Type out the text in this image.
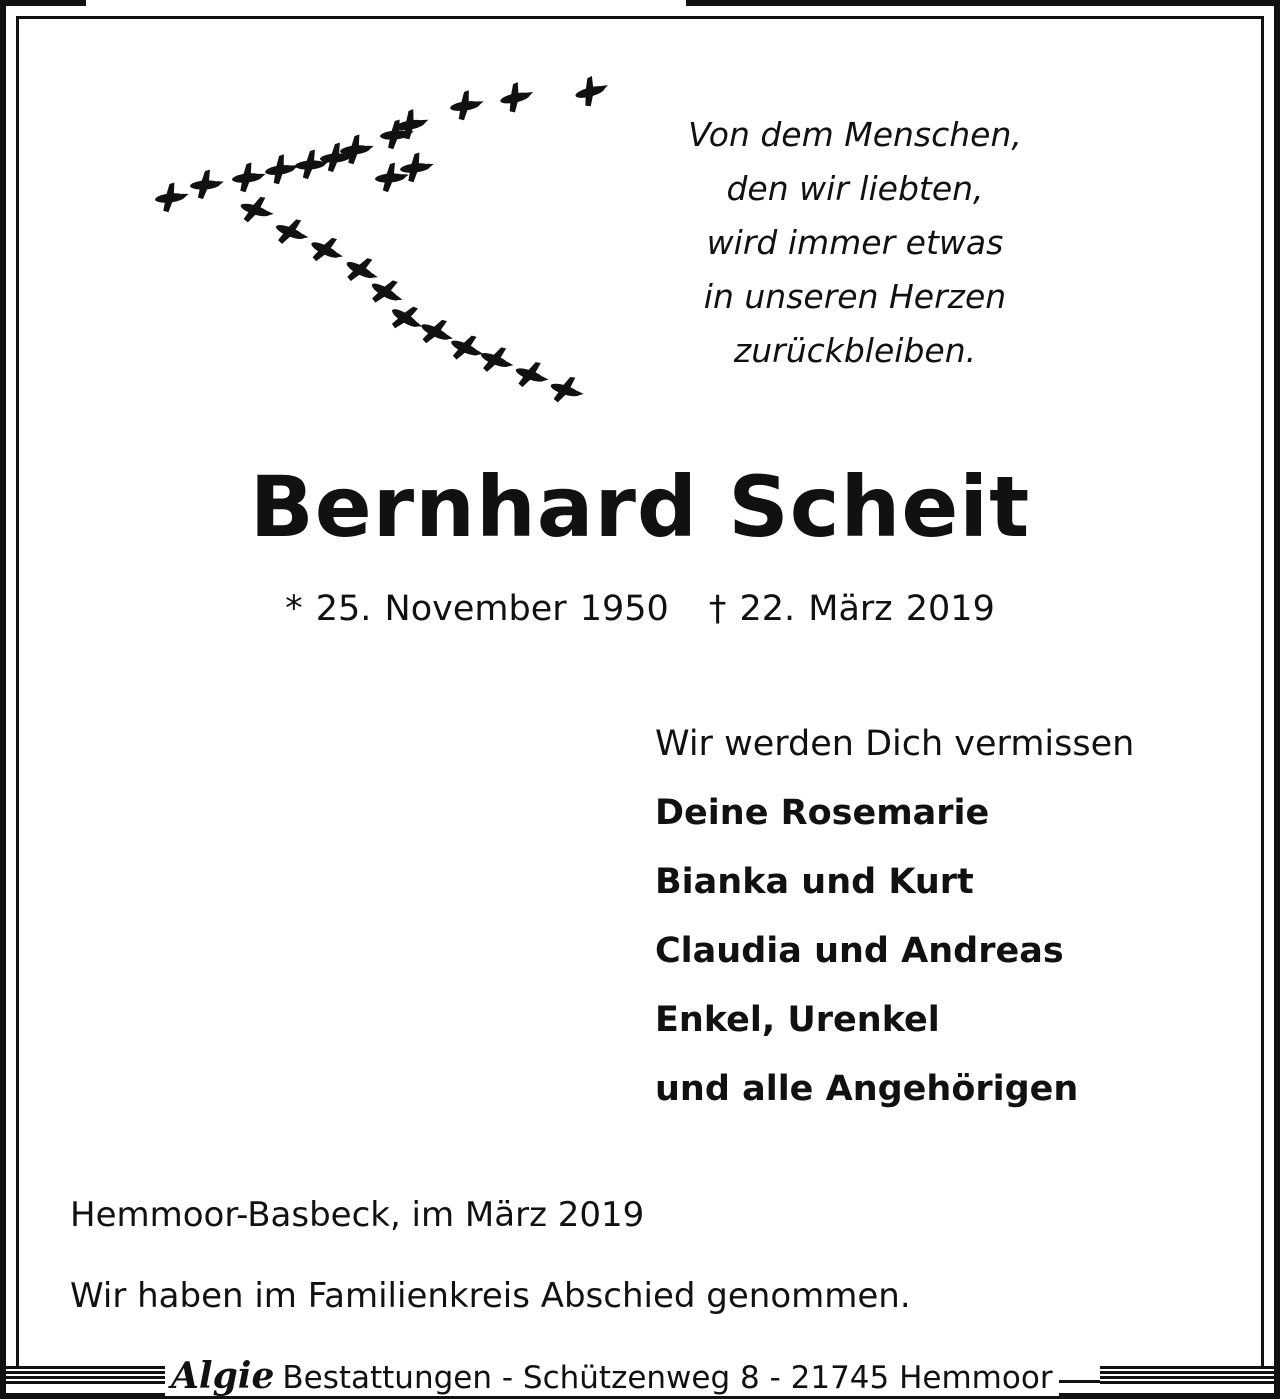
Von dem Menschen,
den wir liebten,
wird immer etwas
in unseren Herzen
zurückbleiben.
Bernhard Scheit
* 25. November 1950 † 22. März 2019
Wir werden Dich vermissen
Deine Rosemarie
Bianka und Kurt
Claudia und Andreas
Enkel, Urenkel
und alle Angehörigen
Hemmoor-Basbeck, im März 2019
Wir haben im Familienkreis Abschied genommen.
Algie Bestattungen - Schützenweg 8 - 21745 Hemmoor
